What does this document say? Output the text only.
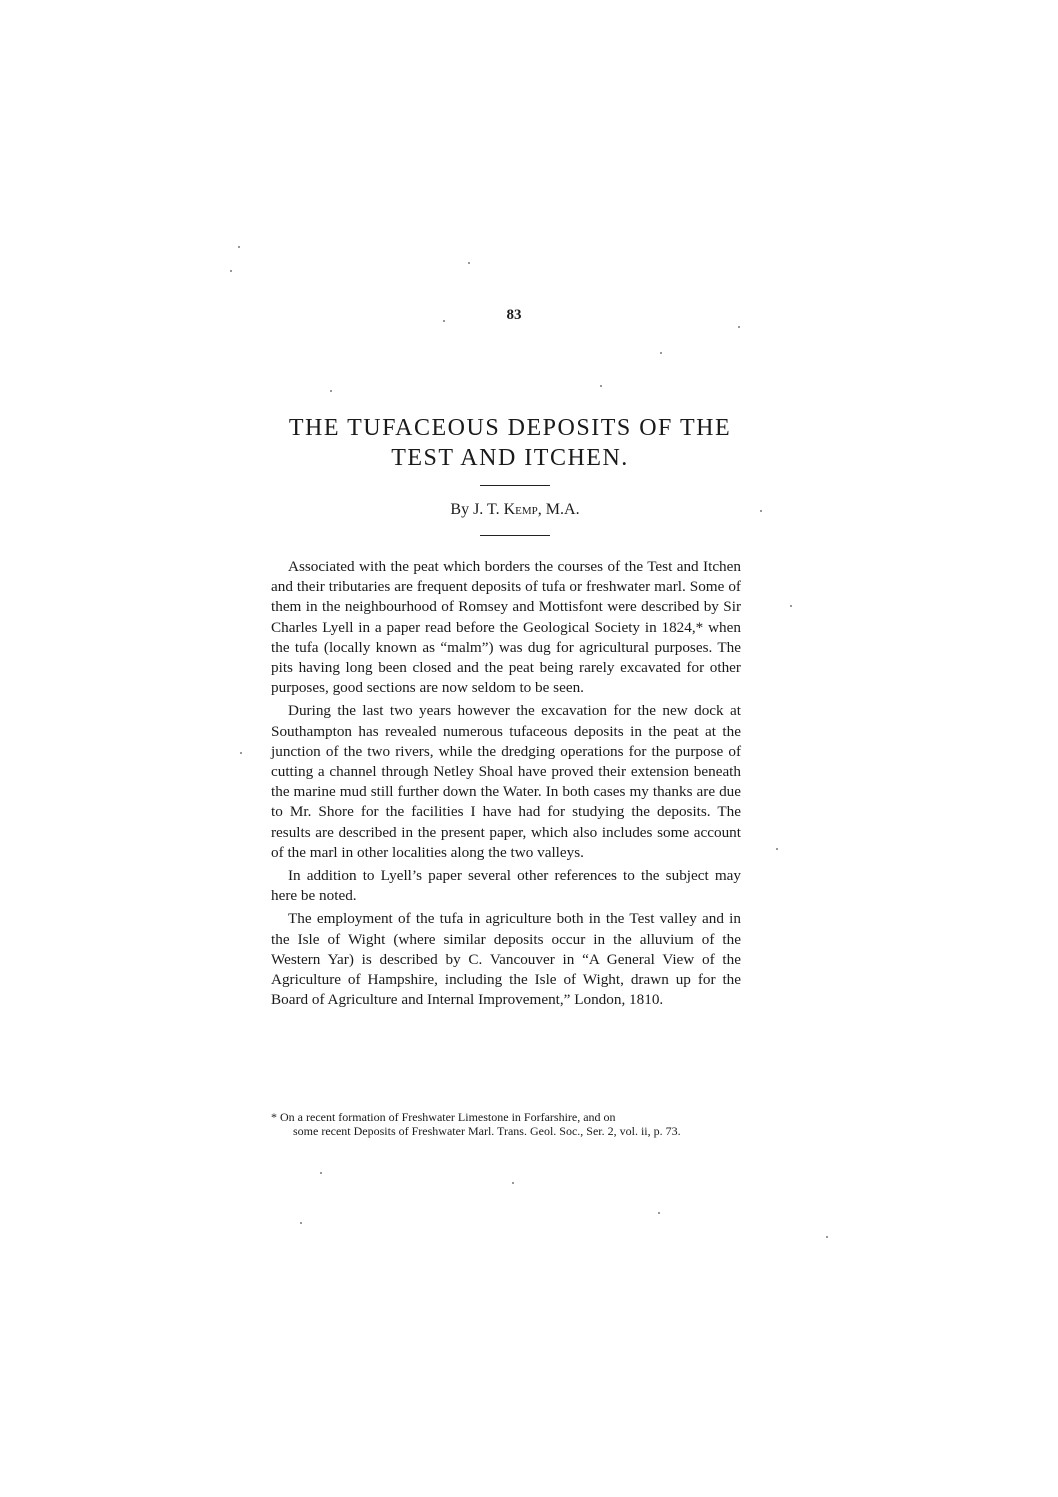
83
THE TUFACEOUS DEPOSITS OF THE
TEST AND ITCHEN.
By J. T. Kemp, M.A.

Associated with the peat which borders the courses of the Test and Itchen and their tributaries are frequent deposits of tufa or freshwater marl. Some of them in the neighbourhood of Romsey and Mottisfont were described by Sir Charles Lyell in a paper read before the Geological Society in 1824,* when the tufa (locally known as “malm”) was dug for agricultural purposes. The pits having long been closed and the peat being rarely excavated for other purposes, good sections are now seldom to be seen.

During the last two years however the excavation for the new dock at Southampton has revealed numerous tufaceous deposits in the peat at the junction of the two rivers, while the dredging operations for the purpose of cutting a channel through Netley Shoal have proved their extension beneath the marine mud still further down the Water. In both cases my thanks are due to Mr. Shore for the facilities I have had for studying the deposits. The results are described in the present paper, which also includes some account of the marl in other localities along the two valleys.

In addition to Lyell’s paper several other references to the subject may here be noted.

The employment of the tufa in agriculture both in the Test valley and in the Isle of Wight (where similar deposits occur in the alluvium of the Western Yar) is described by C. Vancouver in “A General View of the Agriculture of Hampshire, including the Isle of Wight, drawn up for the Board of Agriculture and Internal Improvement,” London, 1810.

* On a recent formation of Freshwater Limestone in Forfarshire, and on
some recent Deposits of Freshwater Marl. Trans. Geol. Soc., Ser. 2, vol. ii, p. 73.
